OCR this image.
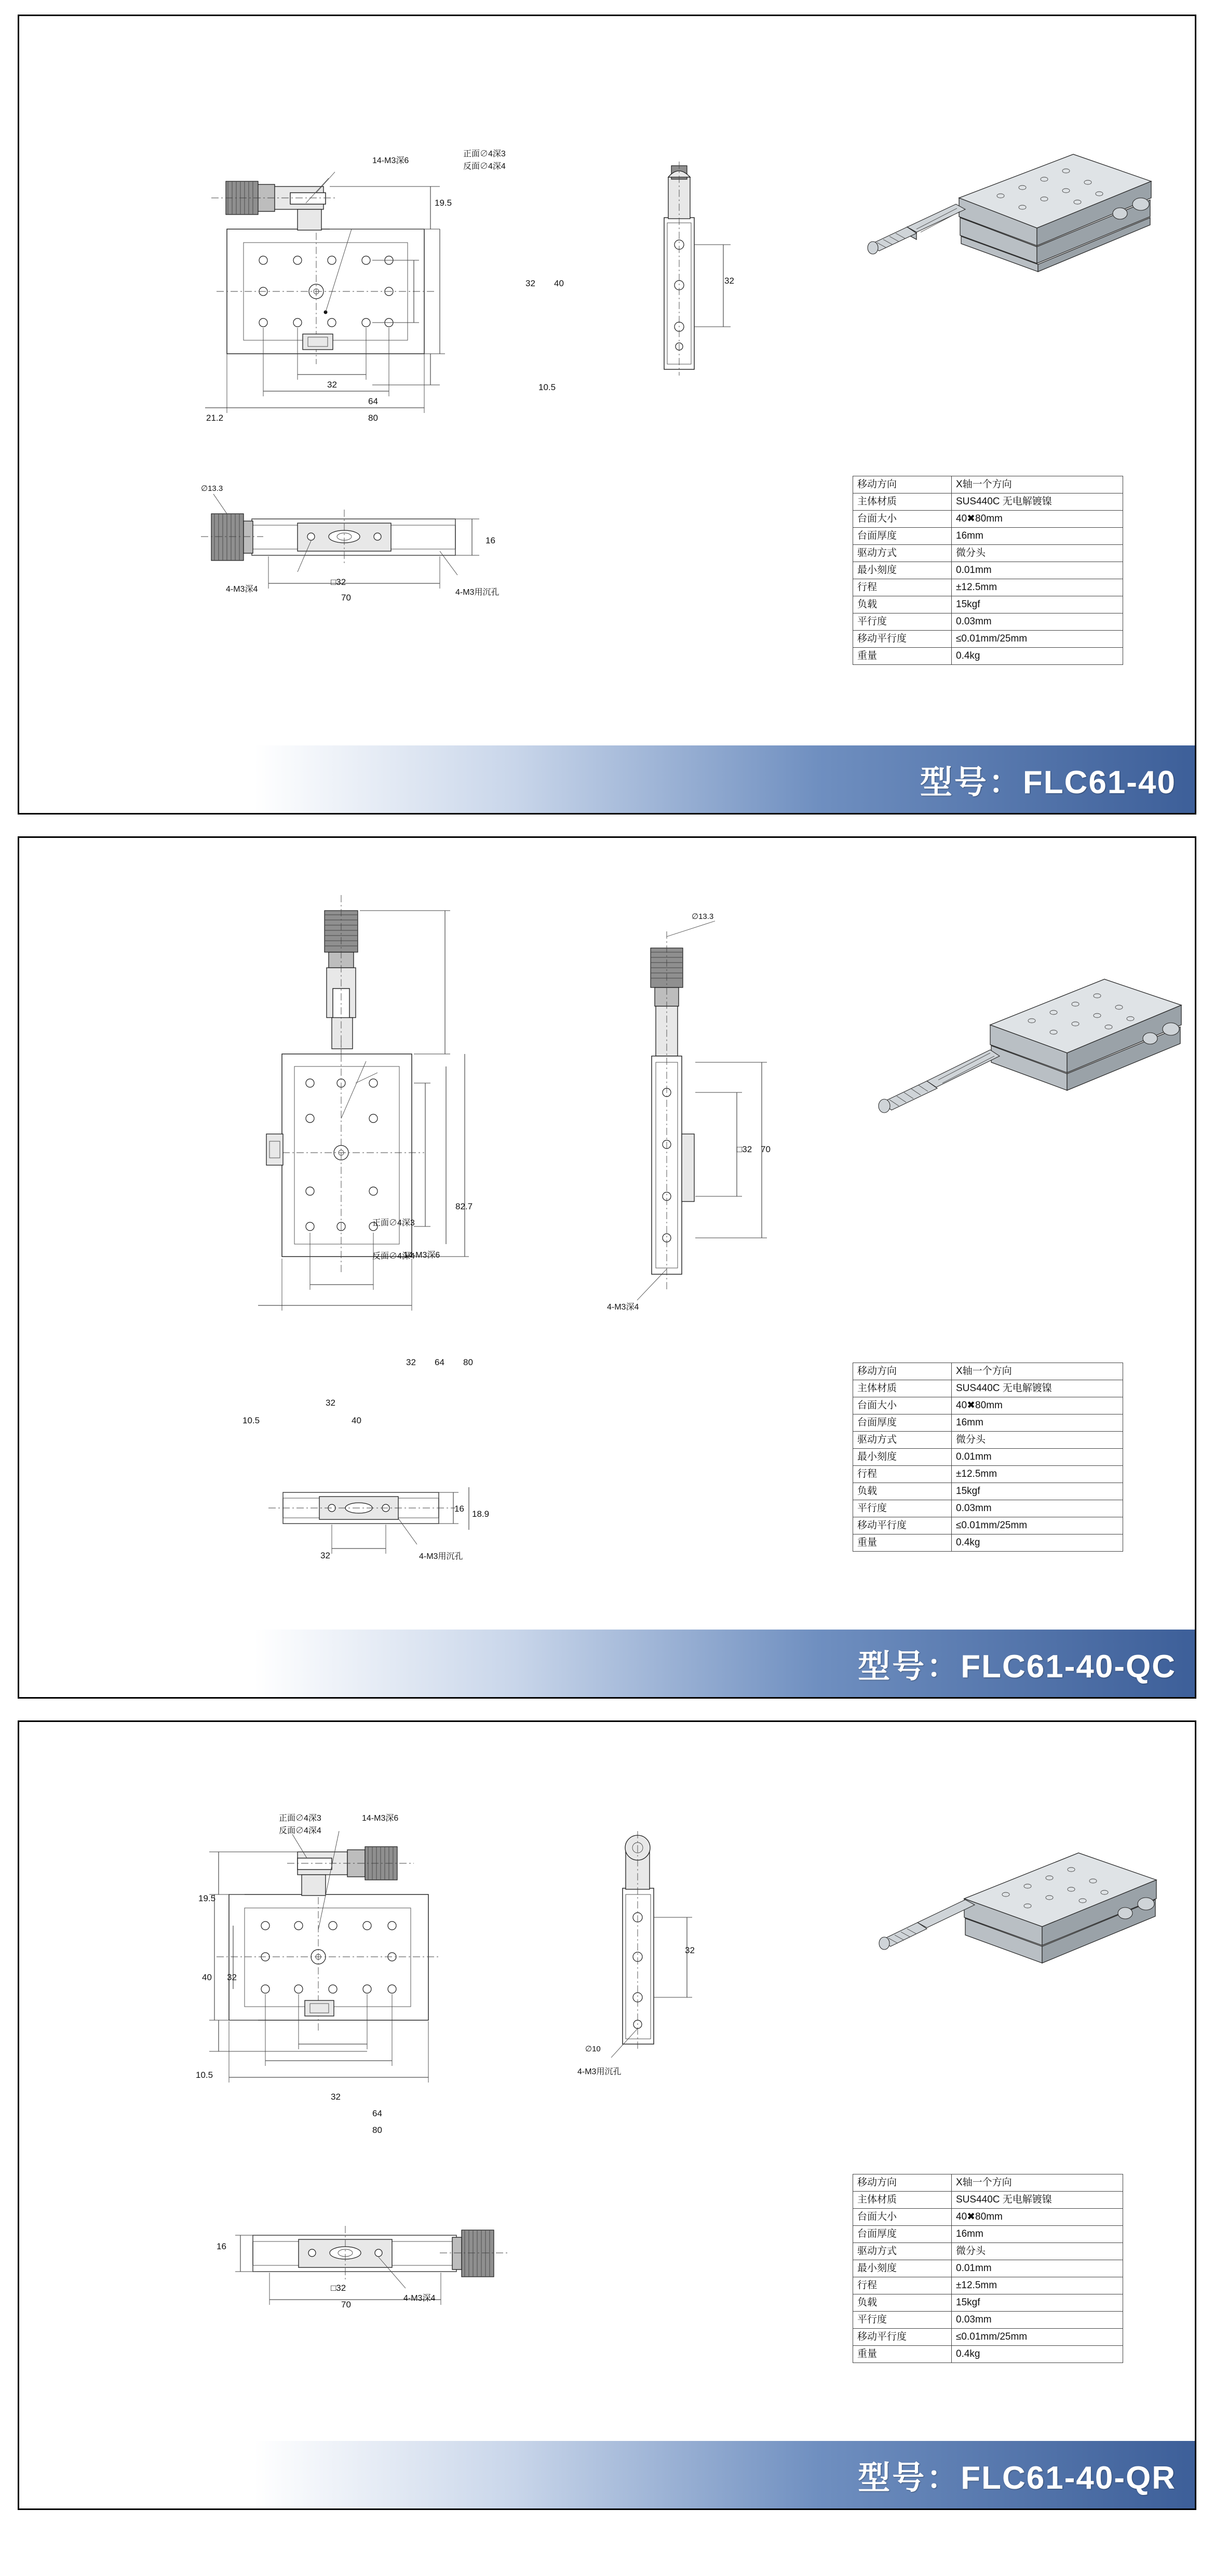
14-M3深6
正面∅4深3
反面∅4深4
19.5
32 40
10.5
32
64
80
21.2
32
∅13.3
4-M3深4
□32
4-M3用沉孔
16
70
移动方向	X轴一个方向
主体材质	SUS440C 无电解镀镍
台面大小	40✖80mm
台面厚度	16mm
驱动方式	微分头
最小刻度	0.01mm
行程	±12.5mm
负载	15kgf
平行度	0.03mm
移动平行度	≤0.01mm/25mm
重量	0.4kg
型号：FLC61-40
正面∅4深3
反面∅4深4
14-M3深6
82.7
32 64 80
32
40
10.5
∅13.3
□32 70
4-M3深4
16
18.9
32	4-M3用沉孔
移动方向	X轴一个方向
主体材质	SUS440C 无电解镀镍
台面大小	40✖80mm
台面厚度	16mm
驱动方式	微分头
最小刻度	0.01mm
行程	±12.5mm
负载	15kgf
平行度	0.03mm
移动平行度	≤0.01mm/25mm
重量	0.4kg
型号：FLC61-40-QC
正面∅4深3
反面∅4深4
14-M3深6
19.5
40 32
10.5
32
64
80
32
∅10
4-M3用沉孔
16
□32
4-M3深4
70
移动方向	X轴一个方向
主体材质	SUS440C 无电解镀镍
台面大小	40✖80mm
台面厚度	16mm
驱动方式	微分头
最小刻度	0.01mm
行程	±12.5mm
负载	15kgf
平行度	0.03mm
移动平行度	≤0.01mm/25mm
重量	0.4kg
型号：FLC61-40-QR
